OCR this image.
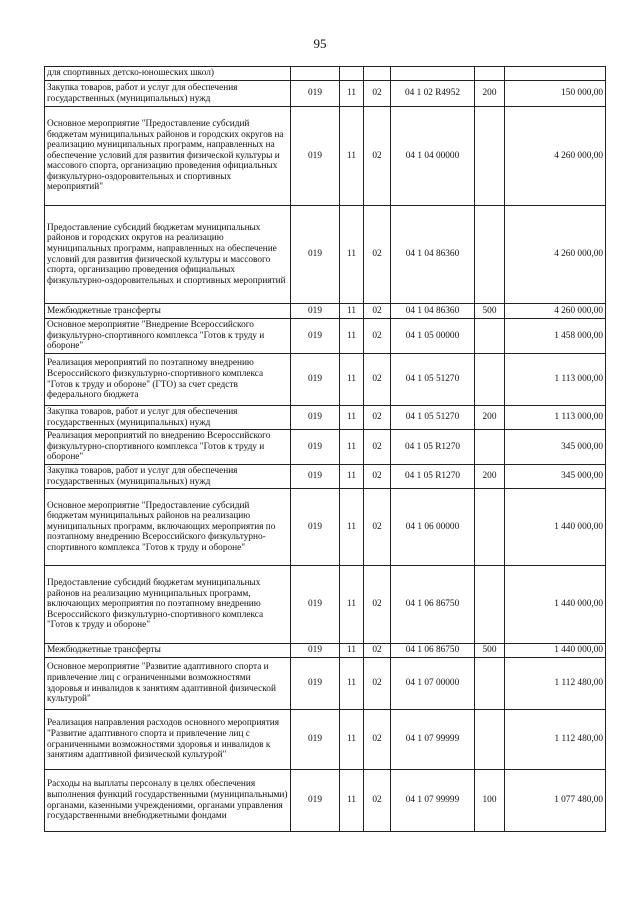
95
для спортивных детско-юношеских школ)						
Закупка товаров, работ и услуг для обеспечения государственных (муниципальных) нужд	019	11	02	04 1 02 R4952	200	150 000,00
Основное мероприятие "Предоставление субсидий бюджетам муниципальных районов и городских округов на реализацию муниципальных программ, направленных на обеспечение условий для развития физической культуры и массового спорта, организацию проведения официальных физкультурно-оздоровительных и спортивных мероприятий"	019	11	02	04 1 04 00000		4 260 000,00
Предоставление субсидий бюджетам муниципальных районов и городских округов на реализацию муниципальных программ, направленных на обеспечение условий для развития физической культуры и массового спорта, организацию проведения официальных физкультурно-оздоровительных и спортивных мероприятий	019	11	02	04 1 04 86360		4 260 000,00
Межбюджетные трансферты	019	11	02	04 1 04 86360	500	4 260 000,00
Основное мероприятие "Внедрение Всероссийского физкультурно-спортивного комплекса "Готов к труду и обороне"	019	11	02	04 1 05 00000		1 458 000,00
Реализация мероприятий по поэтапному внедрению Всероссийского физкультурно-спортивного комплекса "Готов к труду и обороне" (ГТО) за счет средств федерального бюджета	019	11	02	04 1 05 51270		1 113 000,00
Закупка товаров, работ и услуг для обеспечения государственных (муниципальных) нужд	019	11	02	04 1 05 51270	200	1 113 000,00
Реализация мероприятий по внедрению Всероссийского физкультурно-спортивного комплекса "Готов к труду и обороне"	019	11	02	04 1 05 R1270		345 000,00
Закупка товаров, работ и услуг для обеспечения государственных (муниципальных) нужд	019	11	02	04 1 05 R1270	200	345 000,00
Основное мероприятие "Предоставление субсидий бюджетам муниципальных районов на реализацию муниципальных программ, включающих мероприятия по поэтапному внедрению Всероссийского физкультурно-спортивного комплекса "Готов к труду и обороне"	019	11	02	04 1 06 00000		1 440 000,00
Предоставление субсидий бюджетам муниципальных районов на реализацию муниципальных программ, включающих мероприятия по поэтапному внедрению Всероссийского физкультурно-спортивного комплекса "Готов к труду и обороне"	019	11	02	04 1 06 86750		1 440 000,00
Межбюджетные трансферты	019	11	02	04 1 06 86750	500	1 440 000,00
Основное мероприятие "Развитие адаптивного спорта и привлечение лиц с ограниченными возможностями здоровья и инвалидов к занятиям адаптивной физической культурой"	019	11	02	04 1 07 00000		1 112 480,00
Реализация направления расходов основного мероприятия "Развитие адаптивного спорта и привлечение лиц с ограниченными возможностями здоровья и инвалидов к занятиям адаптивной физической культурой"	019	11	02	04 1 07 99999		1 112 480,00
Расходы на выплаты персоналу в целях обеспечения выполнения функций государственными (муниципальными) органами, казенными учреждениями, органами управления государственными внебюджетными фондами	019	11	02	04 1 07 99999	100	1 077 480,00
